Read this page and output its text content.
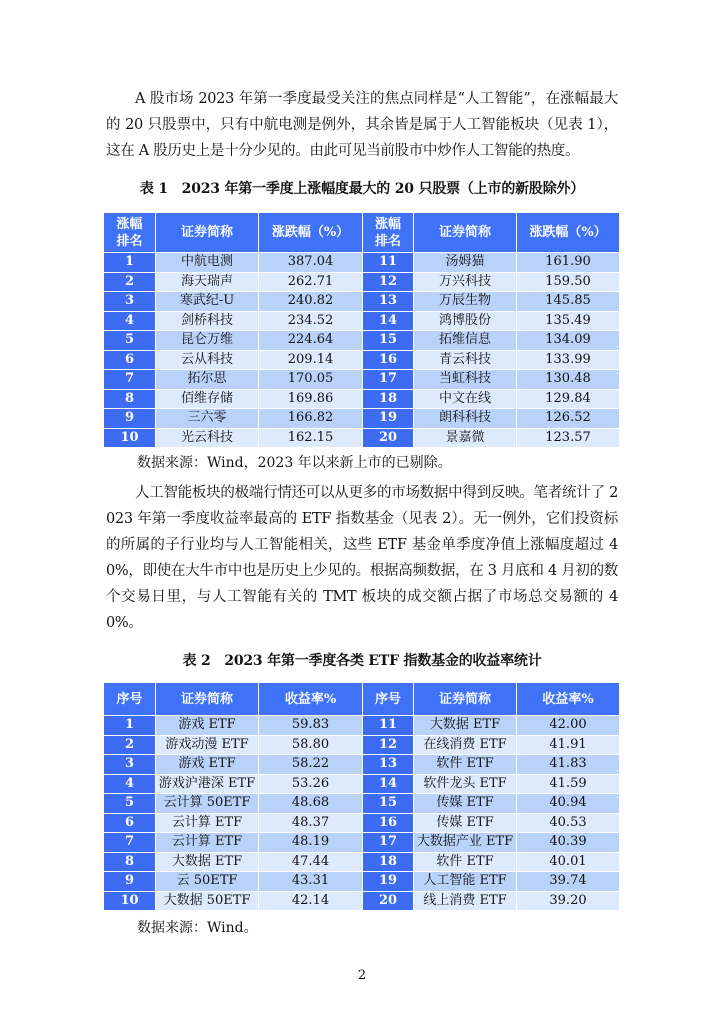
A 股市场 2023 年第一季度最受关注的焦点同样是“人工智能”，在涨幅最大的 20 只股票中，只有中航电测是例外，其余皆是属于人工智能板块（见表 1），这在 A 股历史上是十分少见的。由此可见当前股市中炒作人工智能的热度。

表 1　2023 年第一季度上涨幅度最大的 20 只股票（上市的新股除外）

涨幅排名	证券简称	涨跌幅（%）	涨幅排名	证券简称	涨跌幅（%）
1	中航电测	387.04	11	汤姆猫	161.90
2	海天瑞声	262.71	12	万兴科技	159.50
3	寒武纪-U	240.82	13	万辰生物	145.85
4	剑桥科技	234.52	14	鸿博股份	135.49
5	昆仑万维	224.64	15	拓维信息	134.09
6	云从科技	209.14	16	青云科技	133.99
7	拓尔思	170.05	17	当虹科技	130.48
8	佰维存储	169.86	18	中文在线	129.84
9	三六零	166.82	19	朗科科技	126.52
10	光云科技	162.15	20	景嘉微	123.57

数据来源：Wind，2023 年以来新上市的已剔除。

人工智能板块的极端行情还可以从更多的市场数据中得到反映。笔者统计了 2023 年第一季度收益率最高的 ETF 指数基金（见表 2）。无一例外，它们投资标的所属的子行业均与人工智能相关，这些 ETF 基金单季度净值上涨幅度超过 40%，即使在大牛市中也是历史上少见的。根据高频数据，在 3 月底和 4 月初的数个交易日里，与人工智能有关的 TMT 板块的成交额占据了市场总交易额的 40%。

表 2　2023 年第一季度各类 ETF 指数基金的收益率统计

序号	证券简称	收益率%	序号	证券简称	收益率%
1	游戏 ETF	59.83	11	大数据 ETF	42.00
2	游戏动漫 ETF	58.80	12	在线消费 ETF	41.91
3	游戏 ETF	58.22	13	软件 ETF	41.83
4	游戏沪港深 ETF	53.26	14	软件龙头 ETF	41.59
5	云计算 50ETF	48.68	15	传媒 ETF	40.94
6	云计算 ETF	48.37	16	传媒 ETF	40.53
7	云计算 ETF	48.19	17	大数据产业 ETF	40.39
8	大数据 ETF	47.44	18	软件 ETF	40.01
9	云 50ETF	43.31	19	人工智能 ETF	39.74
10	大数据 50ETF	42.14	20	线上消费 ETF	39.20

数据来源：Wind。

2
